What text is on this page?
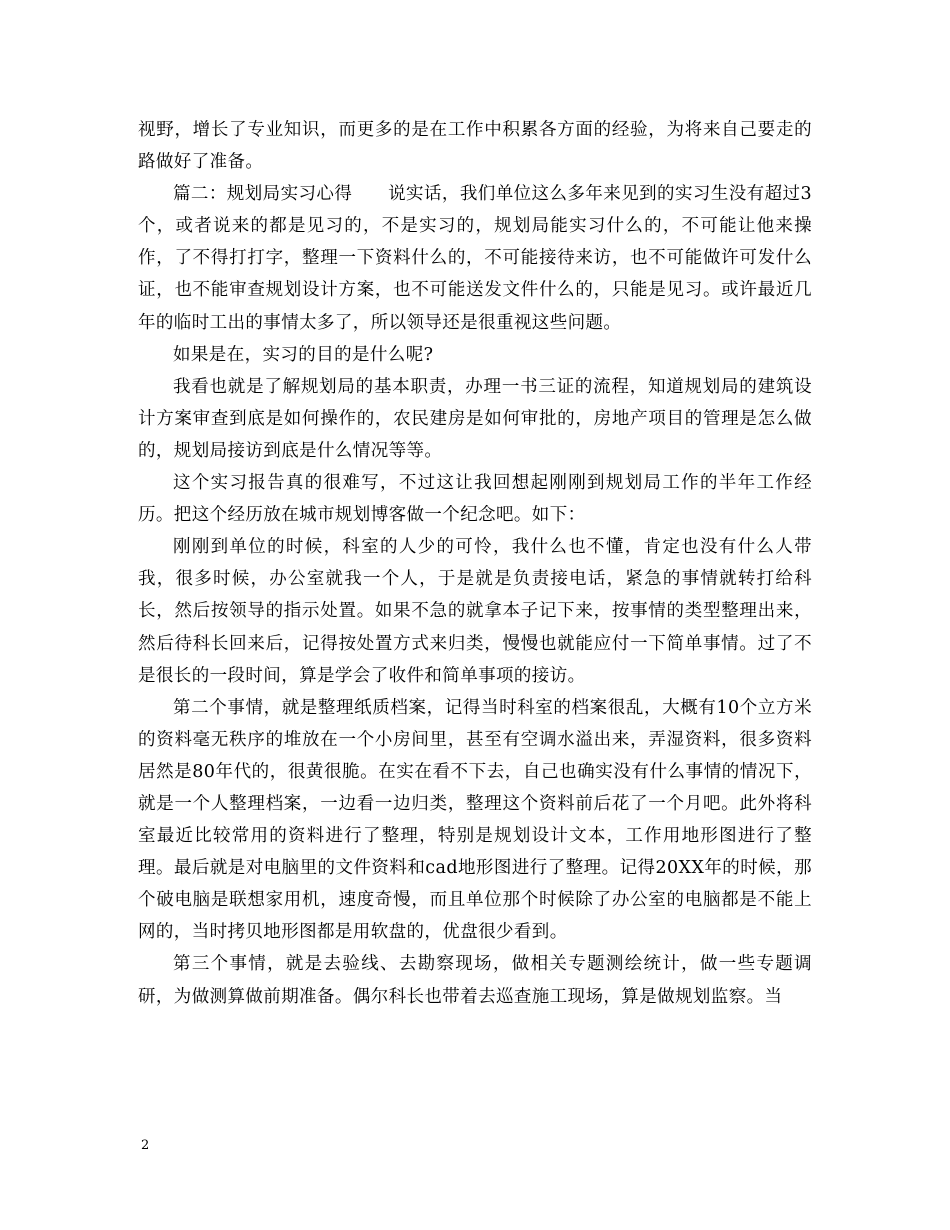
视野，增长了专业知识，而更多的是在工作中积累各方面的经验，为将来自己要走的路做好了准备。

篇二：规划局实习心得　　说实话，我们单位这么多年来见到的实习生没有超过3个，或者说来的都是见习的，不是实习的，规划局能实习什么的，不可能让他来操作，了不得打打字，整理一下资料什么的，不可能接待来访，也不可能做许可发什么证，也不能审查规划设计方案，也不可能送发文件什么的，只能是见习。或许最近几年的临时工出的事情太多了，所以领导还是很重视这些问题。

如果是在，实习的目的是什么呢?

我看也就是了解规划局的基本职责，办理一书三证的流程，知道规划局的建筑设计方案审查到底是如何操作的，农民建房是如何审批的，房地产项目的管理是怎么做的，规划局接访到底是什么情况等等。

这个实习报告真的很难写，不过这让我回想起刚刚到规划局工作的半年工作经历。把这个经历放在城市规划博客做一个纪念吧。如下：

刚刚到单位的时候，科室的人少的可怜，我什么也不懂，肯定也没有什么人带我，很多时候，办公室就我一个人，于是就是负责接电话，紧急的事情就转打给科长，然后按领导的指示处置。如果不急的就拿本子记下来，按事情的类型整理出来，然后待科长回来后，记得按处置方式来归类，慢慢也就能应付一下简单事情。过了不是很长的一段时间，算是学会了收件和简单事项的接访。

第二个事情，就是整理纸质档案，记得当时科室的档案很乱，大概有10个立方米的资料毫无秩序的堆放在一个小房间里，甚至有空调水溢出来，弄湿资料，很多资料居然是80年代的，很黄很脆。在实在看不下去，自己也确实没有什么事情的情况下，就是一个人整理档案，一边看一边归类，整理这个资料前后花了一个月吧。此外将科室最近比较常用的资料进行了整理，特别是规划设计文本，工作用地形图进行了整理。最后就是对电脑里的文件资料和cad地形图进行了整理。记得20XX年的时候，那个破电脑是联想家用机，速度奇慢，而且单位那个时候除了办公室的电脑都是不能上网的，当时拷贝地形图都是用软盘的，优盘很少看到。

第三个事情，就是去验线、去勘察现场，做相关专题测绘统计，做一些专题调研，为做测算做前期准备。偶尔科长也带着去巡查施工现场，算是做规划监察。当

2
